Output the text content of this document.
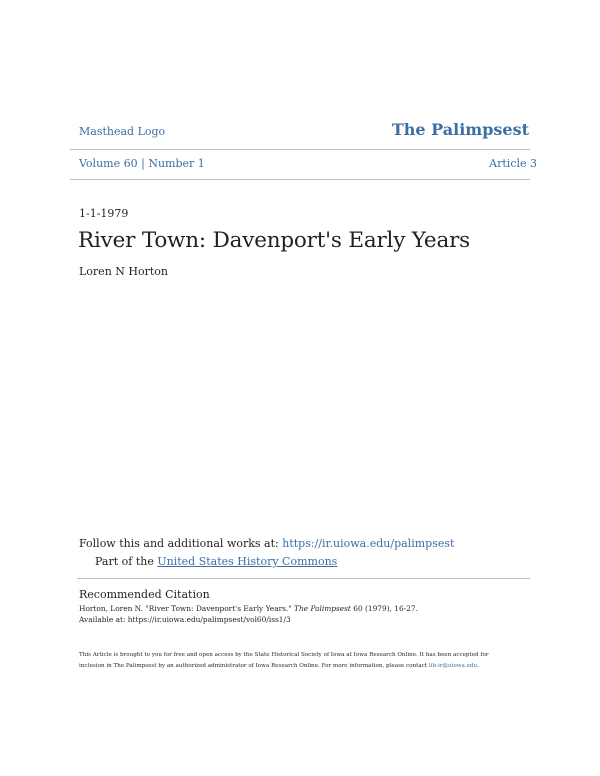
Masthead Logo	The Palimpsest
Volume 60 | Number 1	Article 3
1-1-1979
River Town: Davenport's Early Years
Loren N Horton
Follow this and additional works at: https://ir.uiowa.edu/palimpsest
Part of the United States History Commons
Recommended Citation
Horton, Loren N. "River Town: Davenport's Early Years." The Palimpsest 60 (1979), 16-27.
Available at: https://ir.uiowa.edu/palimpsest/vol60/iss1/3
This Article is brought to you for free and open access by the State Historical Society of Iowa at Iowa Research Online. It has been accepted for
inclusion in The Palimpsest by an authorized administrator of Iowa Research Online. For more information, please contact lib-ir@uiowa.edu.
